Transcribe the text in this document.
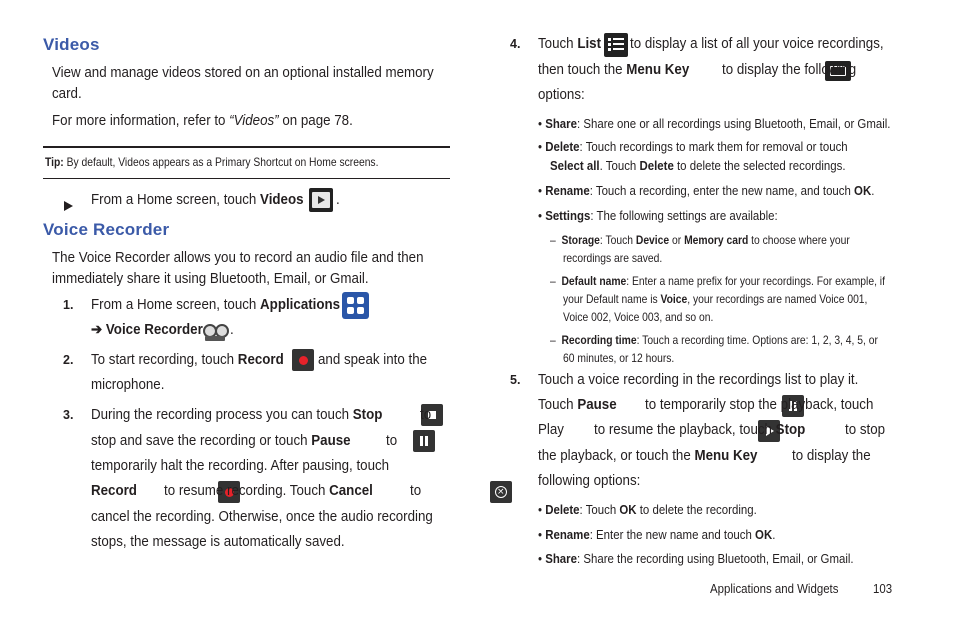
Videos
View and manage videos stored on an optional installed memory
card.
For more information, refer to “Videos” on page 78.
Tip: By default, Videos appears as a Primary Shortcut on Home screens.
From a Home screen, touch Videos .
Voice Recorder
The Voice Recorder allows you to record an audio file and then
immediately share it using Bluetooth, Email, or Gmail.
1. From a Home screen, touch Applications
➔ Voice Recorder .
2. To start recording, touch Record
and speak into the
microphone.
3. During the recording process you can touch Stop
	to
stop and save the recording or touch Pause
to
temporarily halt the recording. After pausing, touch
Record
to resume recording. Touch Cancel	×

to
cancel the recording. Otherwise, once the audio recording
stops, the message is automatically saved.
4. Touch List to display a list of all your voice recordings,
then touch the Menu Key
to display the following
options:
• Share: Share one or all recordings using Bluetooth, Email, or Gmail.
• Delete: Touch recordings to mark them for removal or touch
Select all. Touch Delete to delete the selected recordings.
• Rename: Touch a recording, enter the new name, and touch OK.
• Settings: The following settings are available:
–  Storage: Touch Device or Memory card to choose where your
recordings are saved.
–  Default name: Enter a name prefix for your recordings. For example, if
your Default name is Voice, your recordings are named Voice 001,
Voice 002, Voice 003, and so on.
–  Recording time: Touch a recording time. Options are: 1, 2, 3, 4, 5, or
60 minutes, or 12 hours.
5. Touch a voice recording in the recordings list to play it.
Touch Pause
to temporarily stop the playback, touch
Play
to resume the playback, touch Stop
	to stop
the playback, or touch the Menu Key to display the
following options:
• Delete: Touch OK to delete the recording.
• Rename: Enter the new name and touch OK.
• Share: Share the recording using Bluetooth, Email, or Gmail.
Applications and Widgets	103
